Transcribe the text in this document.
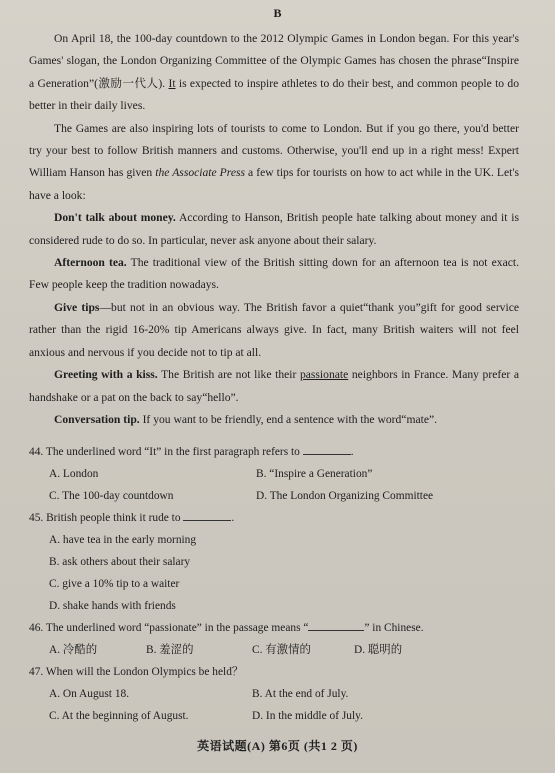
B

On April 18, the 100-day countdown to the 2012 Olympic Games in London began. For this year's Games' slogan, the London Organizing Committee of the Olympic Games has chosen the phrase“Inspire a Generation”(激励一代人). It is expected to inspire athletes to do their best, and common people to do better in their daily lives.

The Games are also inspiring lots of tourists to come to London. But if you go there, you'd better try your best to follow British manners and customs. Otherwise, you'll end up in a right mess! Expert William Hanson has given the Associate Press a few tips for tourists on how to act while in the UK. Let's have a look:

Don't talk about money. According to Hanson, British people hate talking about money and it is considered rude to do so. In particular, never ask anyone about their salary.

Afternoon tea. The traditional view of the British sitting down for an afternoon tea is not exact. Few people keep the tradition nowadays.

Give tips—but not in an obvious way. The British favor a quiet“thank you”gift for good service rather than the rigid 16-20% tip Americans always give. In fact, many British waiters will not feel anxious and nervous if you decide not to tip at all.

Greeting with a kiss. The British are not like their passionate neighbors in France. Many prefer a handshake or a pat on the back to say“hello”.

Conversation tip. If you want to be friendly, end a sentence with the word“mate”.

44. The underlined word “It” in the first paragraph refers to	.
A. London	B. “Inspire a Generation”
C. The 100-day countdown	D. The London Organizing Committee
45. British people think it rude to	.
A. have tea in the early morning
B. ask others about their salary
C. give a 10% tip to a waiter
D. shake hands with friends
46. The underlined word “passionate” in the passage means “	” in Chinese.
A. 冷酷的	B. 羞涩的	C. 有激情的	D. 聪明的
47. When will the London Olympics be held？
A. On August 18.	B. At the end of July.
C. At the beginning of August.	D. In the middle of July.
英语试题(A) 第6页 (共1 2 页)
